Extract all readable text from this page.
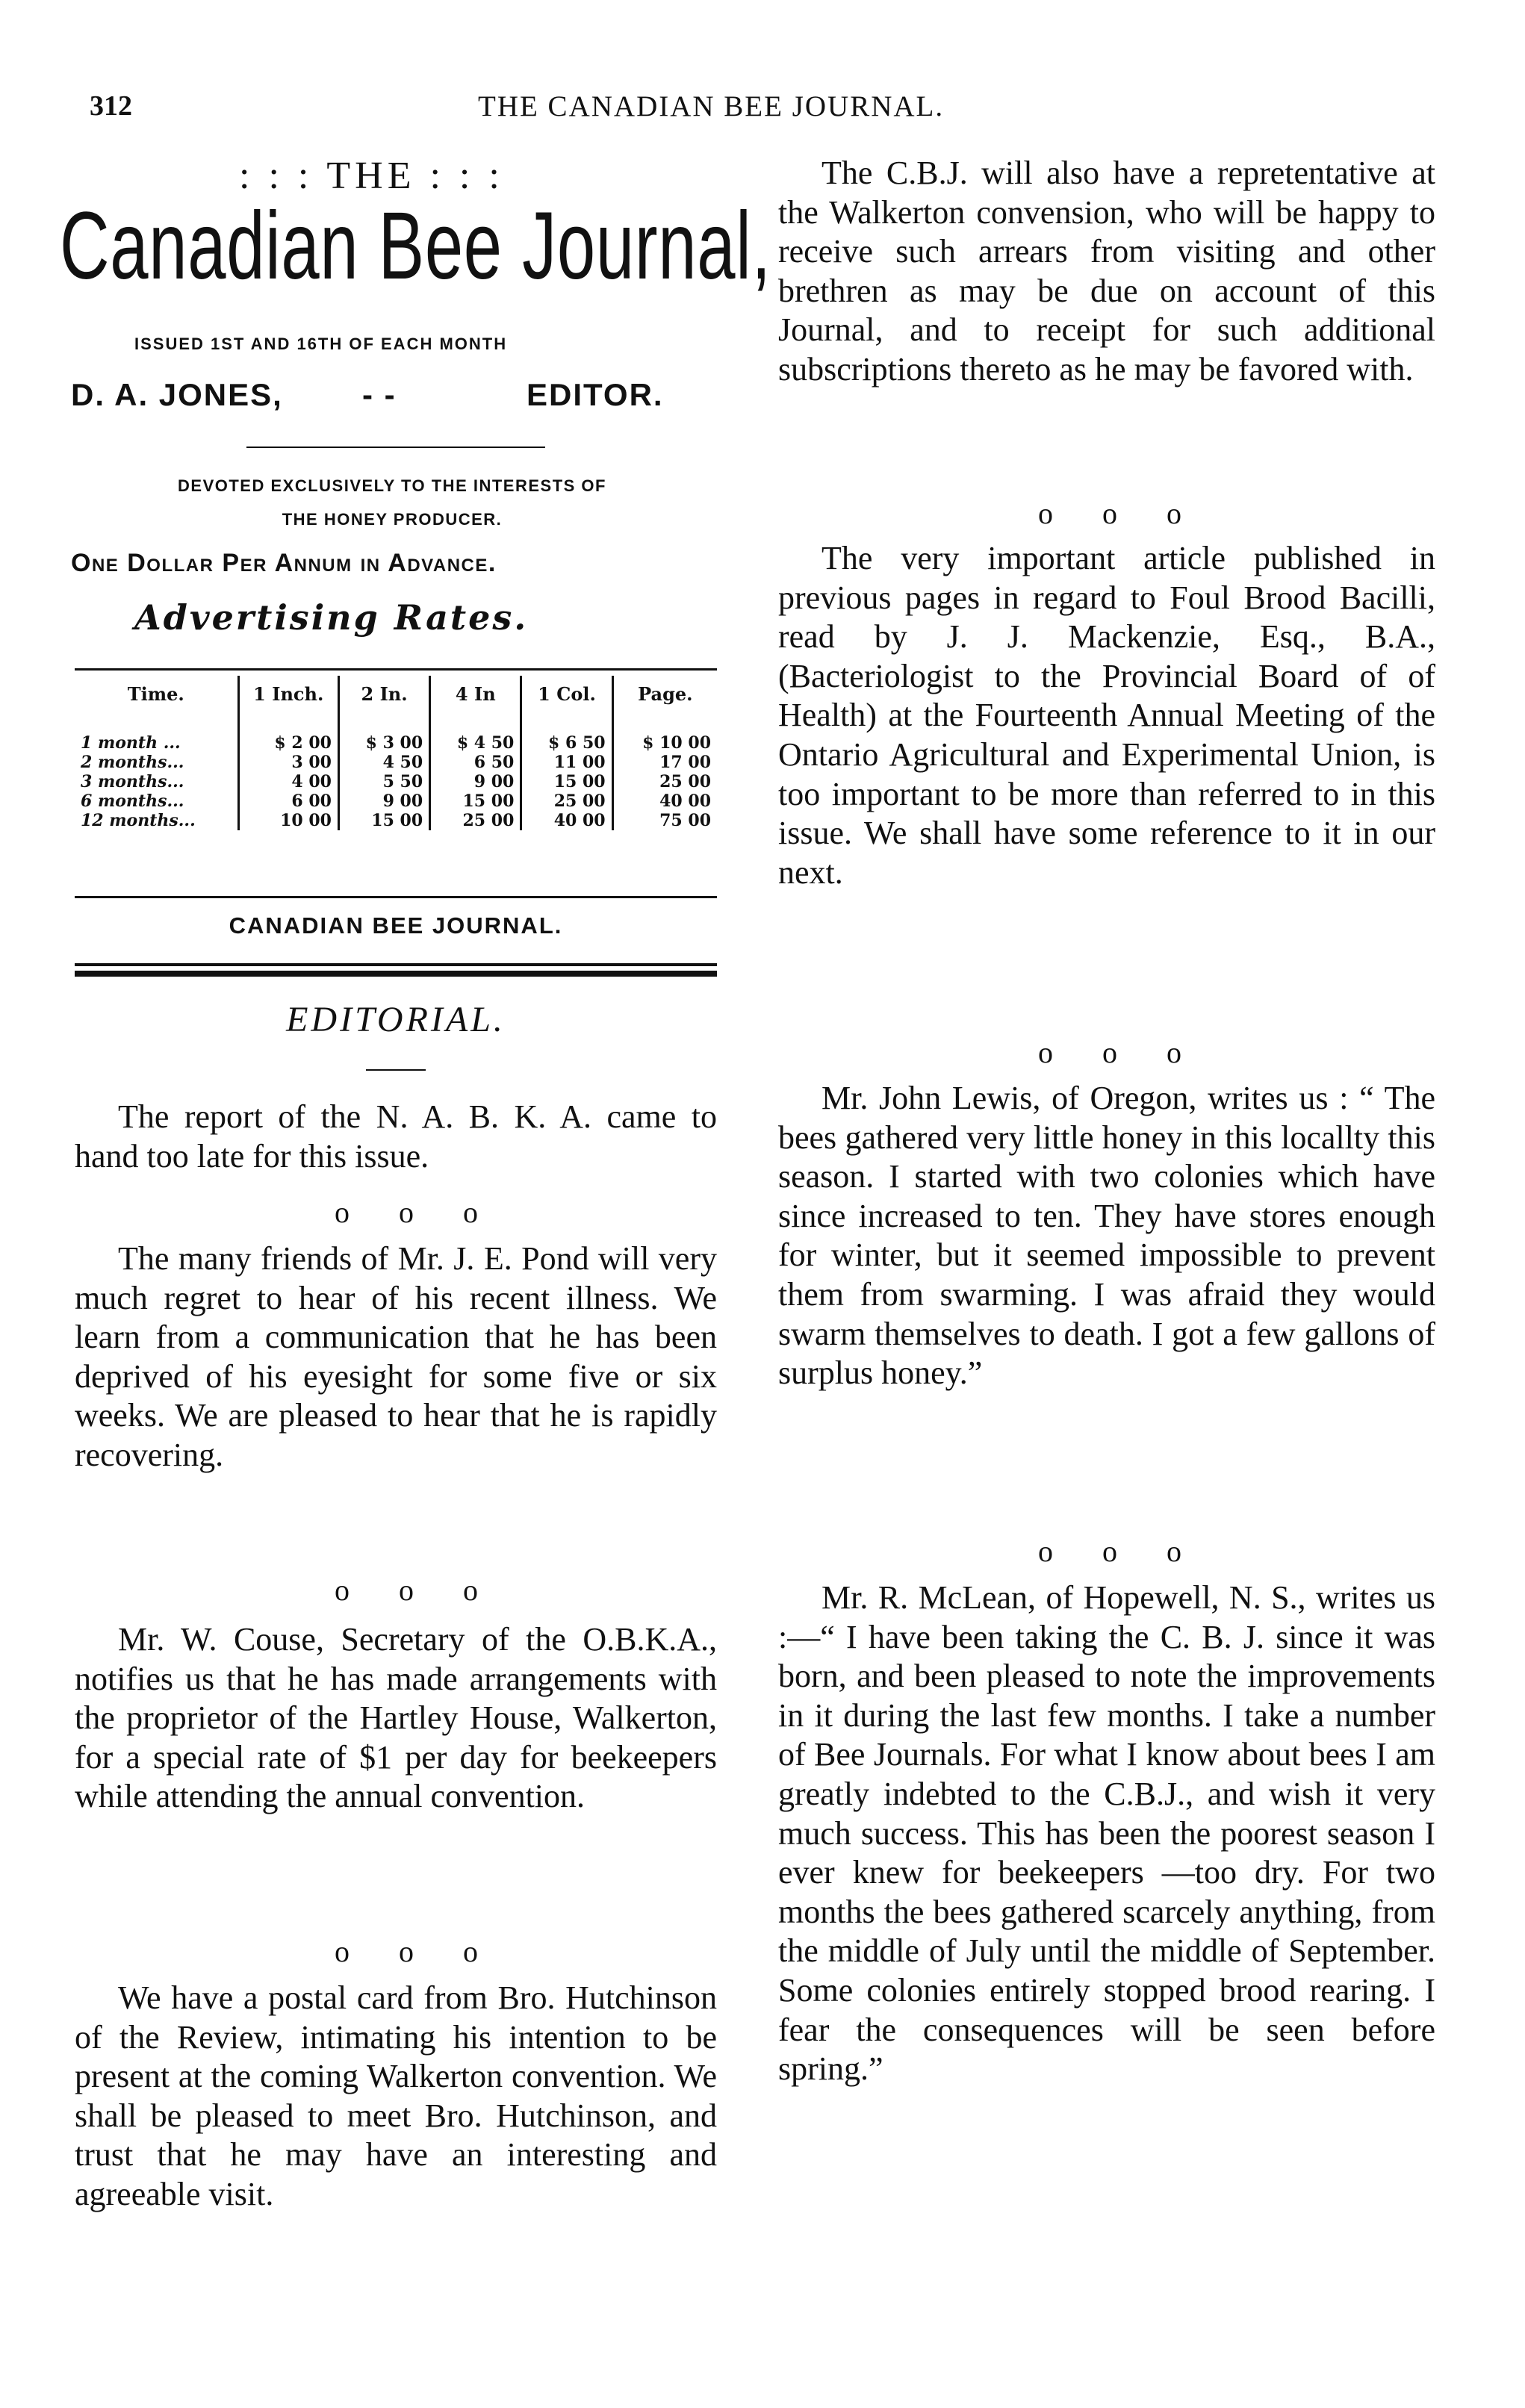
312	THE CANADIAN BEE JOURNAL.
: : : THE : : :
Canadian Bee Journal,
ISSUED 1ST AND 16TH OF EACH MONTH
D. A. JONES,	- -	EDITOR.
DEVOTED EXCLUSIVELY TO THE INTERESTS OF
THE HONEY PRODUCER.
One Dollar Per Annum in Advance.
Advertising Rates.
Time.	1 Inch.	2 In.	4 In	1 Col.	Page.
1 month ...	$ 2 00	$ 3 00	$ 4 50	$ 6 50	$ 10 00
2 months...	3 00	4 50	6 50	11 00	17 00
3 months...	4 00	5 50	9 00	15 00	25 00
6 months...	6 00	9 00	15 00	25 00	40 00
12 months...	10 00	15 00	25 00	40 00	75 00
CANADIAN BEE JOURNAL.
EDITORIAL.
The report of the N. A. B. K. A. came to hand too late for this issue.
o o o
The many friends of Mr. J. E. Pond will very much regret to hear of his recent illness. We learn from a communication that he has been deprived of his eyesight for some five or six weeks. We are pleased to hear that he is rapidly recovering.
o o o
Mr. W. Couse, Secretary of the O.B.K.A., notifies us that he has made arrangements with the proprietor of the Hartley House, Walkerton, for a special rate of $1 per day for beekeepers while attending the annual convention.
o o o
We have a postal card from Bro. Hutchinson of the Review, intimating his intention to be present at the coming Walkerton convention. We shall be pleased to meet Bro. Hutchinson, and trust that he may have an interesting and agreeable visit.
The C.B.J. will also have a repretentative at the Walkerton convension, who will be happy to receive such arrears from visiting and other brethren as may be due on account of this Journal, and to receipt for such additional subscriptions thereto as he may be favored with.
o o o
The very important article published in previous pages in regard to Foul Brood Bacilli, read by J. J. Mackenzie, Esq., B.A., (Bacteriologist to the Provincial Board of of Health) at the Fourteenth Annual Meeting of the Ontario Agricultural and Experimental Union, is too important to be more than referred to in this issue. We shall have some reference to it in our next.
o o o
Mr. John Lewis, of Oregon, writes us : “ The bees gathered very little honey in this locallty this season. I started with two colonies which have since increased to ten. They have stores enough for winter, but it seemed impossible to prevent them from swarming. I was afraid they would swarm themselves to death. I got a few gallons of surplus honey.”
o o o
Mr. R. McLean, of Hopewell, N. S., writes us :—“ I have been taking the C. B. J. since it was born, and been pleased to note the improvements in it during the last few months. I take a number of Bee Journals. For what I know about bees I am greatly indebted to the C.B.J., and wish it very much success. This has been the poorest season I ever knew for beekeepers —too dry. For two months the bees gathered scarcely anything, from the middle of July until the middle of September. Some colonies entirely stopped brood rearing. I fear the consequences will be seen before spring.”
